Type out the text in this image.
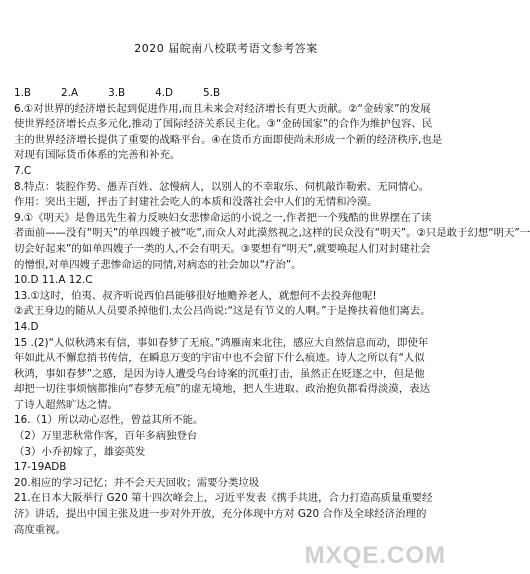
2020 届皖南八校联考语文参考答案
1.B	2.A	3.B	4.D	5.B
6.①对世界的经济增长起到促进作用,而且未来会对经济增长有更大贡献。②“金砖家”的发展
使世界经济增长点多元化,推动了国际经济关系民主化。③“金砖国家”的合作为维护包容、民
主的世界经济增长提供了重要的战略平台。④在货币方面即使尚未形成一个新的经济秩序,也是
对现有国际货币体系的完善和补充。
7.C
8.特点：装腔作势、愚弄百姓、忿慢病人，以别人的不幸取乐、伺机敲诈勒索、无同情心。
作用：突出主题，抨击了封建社会吃人的本质和没落社会中人们的无情和冷漠。
9.①《明天》是鲁迅先生着力反映妇女悲惨命运的小说之一,作者把一个残酷的世界摆在了读
者面前——没有“明天”的单四嫂子被“吃”,而众人对此漠然视之,这样的民众没有“明天”。②只是敢于幻想“明天”一
切会好起来”的如单四嫂子一类的人,不会有明天。③要想有“明天”,就要唤起人们对封建社会
的憎恨,对单四嫂子悲惨命运的同情,对病态的社会加以“疗治”。
10.D 11.A 12.C
13.①这时，伯夷、叔齐听说西伯昌能够很好地赡养老人，就想何不去投奔他呢!
②武王身边的随从人员要杀掉他们.太公吕尚说:“这是有节义的人啊。”于是搀扶着他们离去。
14.D
15 .(2)“人似秋鸿来有信，事如春梦了无痕。”鸿雁南来北往，感应大自然信息而动，即使年
年如此从不懈怠捎书传信，在瞬息万变的宇宙中也不会留下什么痕迹。诗人之所以有“人似
秋鸿，事如春梦”之感，是因为诗人遭受乌台诗案的沉重打击，虽然正在贬逐之中，但是他
却把一切往事烦恼都推向“春梦无痕”的虚无境地，把人生进取、政治抱负都看得淡漠，表达
了诗人超然旷达之情。
16.（1）所以动心忍性，曾益其所不能。
（2）万里悲秋常作客，百年多病独登台
（3）小乔初嫁了，雄姿英发
17-19ADB
20.相应的学习记忆；并不会天天回收；需要分类垃圾
21.在日本大阪举行 G20 第十四次峰会上，习近平发表《携手共进，合力打造高质量重要经
济》讲话，提出中国主张及进一步对外开放，充分体现中方对 G20 合作及全球经济治理的
高度重视。
MXQE.COM
